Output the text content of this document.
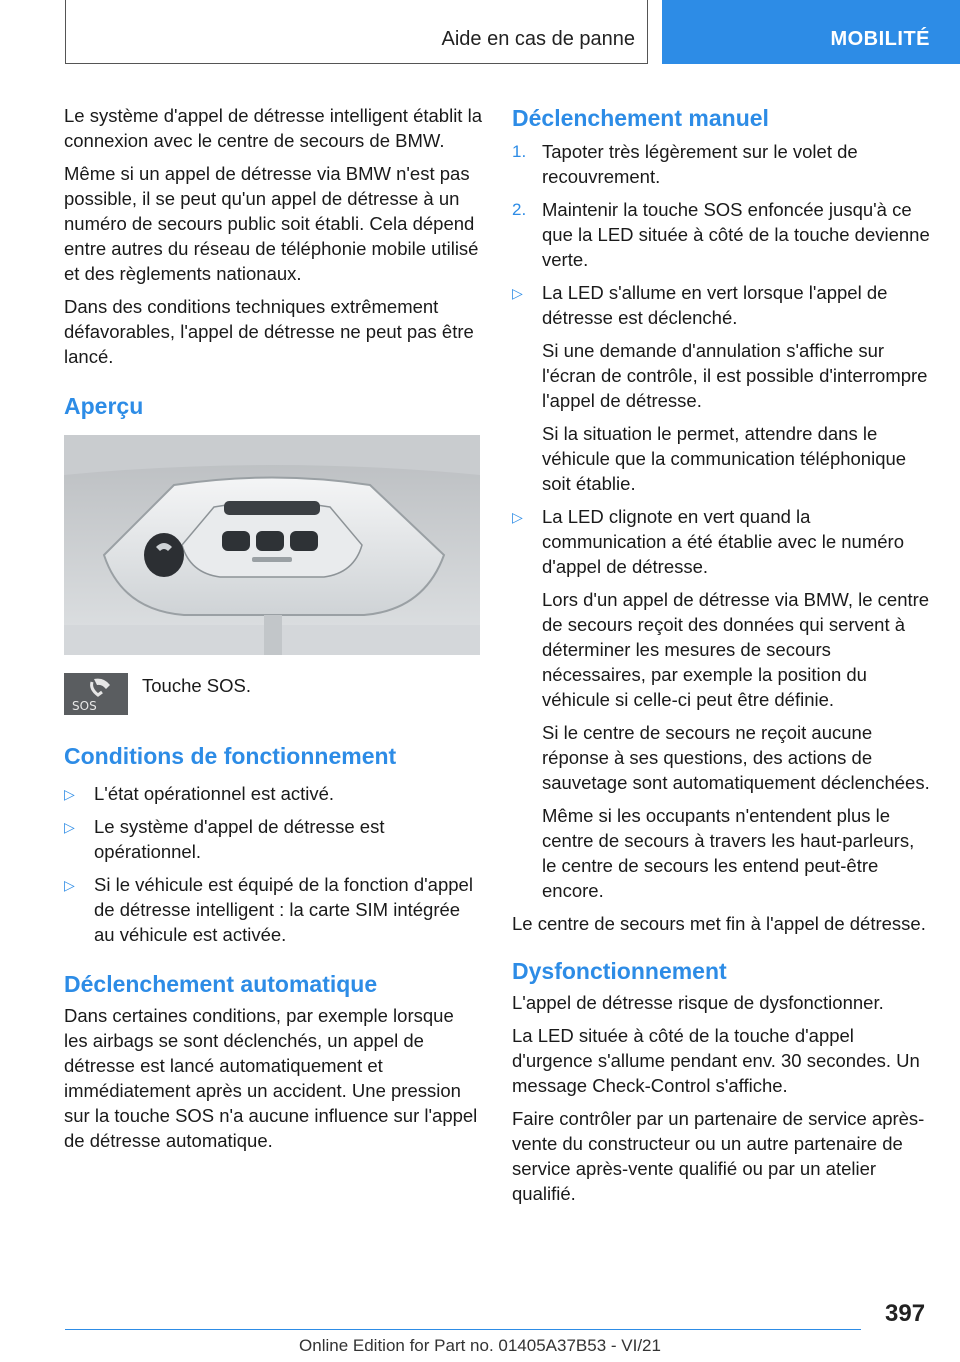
Aide en cas de panne	MOBILITÉ

Le système d'appel de détresse intelligent établit la connexion avec le centre de secours de BMW.

Même si un appel de détresse via BMW n'est pas possible, il se peut qu'un appel de détresse à un numéro de secours public soit établi. Cela dépend entre autres du réseau de téléphonie mobile utilisé et des règlements nationaux.

Dans des conditions techniques extrêmement défavorables, l'appel de détresse ne peut pas être lancé.

Aperçu
SOS
Touche SOS.
Conditions de fonctionnement
▷ L'état opérationnel est activé.
▷ Le système d'appel de détresse est opérationnel.
▷ Si le véhicule est équipé de la fonction d'appel de détresse intelligent : la carte SIM intégrée au véhicule est activée.
Déclenchement automatique

Dans certaines conditions, par exemple lorsque les airbags se sont déclenchés, un appel de détresse est lancé automatiquement et immédiatement après un accident. Une pression sur la touche SOS n'a aucune influence sur l'appel de détresse automatique.

Déclenchement manuel
1. Tapoter très légèrement sur le volet de recouvrement.
2. Maintenir la touche SOS enfoncée jusqu'à ce que la LED située à côté de la touche devienne verte.
▷ La LED s'allume en vert lorsque l'appel de détresse est déclenché.

Si une demande d'annulation s'affiche sur l'écran de contrôle, il est possible d'interrompre l'appel de détresse.

Si la situation le permet, attendre dans le véhicule que la communication téléphonique soit établie.

▷ La LED clignote en vert quand la communication a été établie avec le numéro d'appel de détresse.

Lors d'un appel de détresse via BMW, le centre de secours reçoit des données qui servent à déterminer les mesures de secours nécessaires, par exemple la position du véhicule si celle-ci peut être définie.

Si le centre de secours ne reçoit aucune réponse à ses questions, des actions de sauvetage sont automatiquement déclenchées.

Même si les occupants n'entendent plus le centre de secours à travers les haut-parleurs, le centre de secours les entend peut-être encore.

Le centre de secours met fin à l'appel de détresse.

Dysfonctionnement

L'appel de détresse risque de dysfonctionner.

La LED située à côté de la touche d'appel d'urgence s'allume pendant env. 30 secondes. Un message Check-Control s'affiche.

Faire contrôler par un partenaire de service après-vente du constructeur ou un autre partenaire de service après-vente qualifié ou par un atelier qualifié.

397
Online Edition for Part no. 01405A37B53 - VI/21
